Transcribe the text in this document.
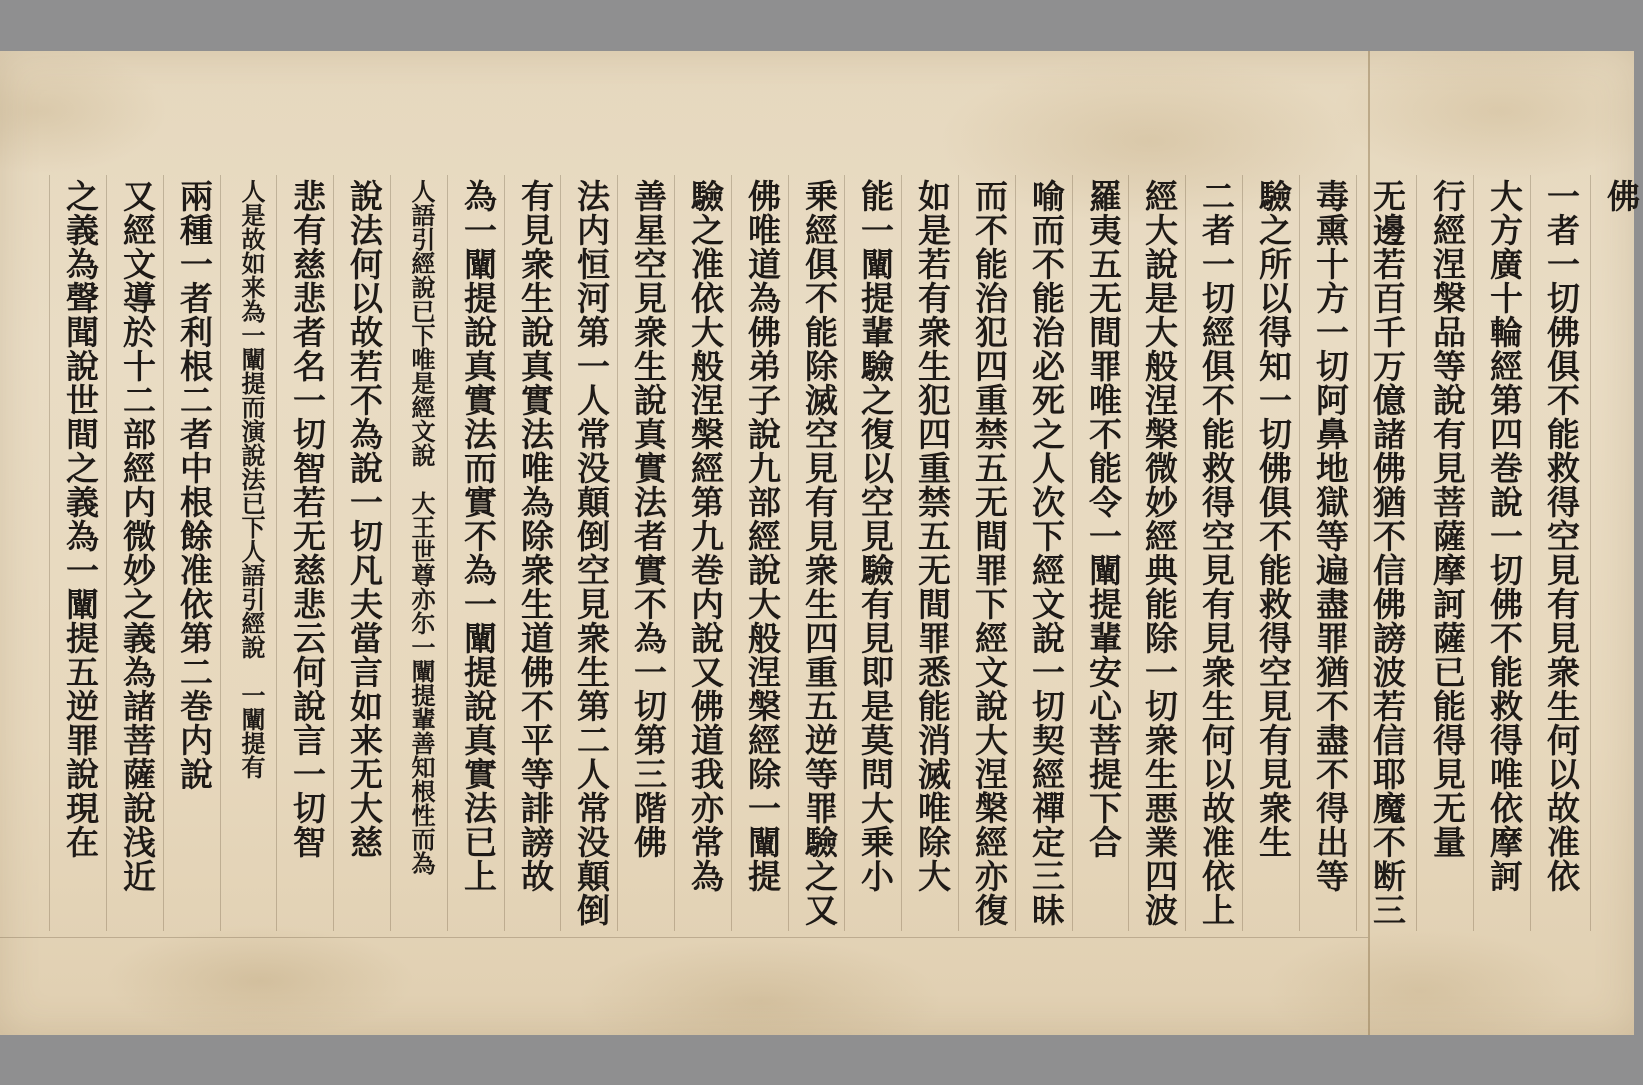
一者一切佛俱不能救得空見有見衆生何以故准依
大方廣十輪經第四巻說一切佛不能救得唯依摩訶
行經涅槃品等說有見菩薩摩訶薩已能得見无量
无邊若百千万億諸佛猶不信佛謗波若信耶魔不断三
毒熏十方一切阿鼻地獄等遍盡罪猶不盡不得出等
驗之所以得知一切佛俱不能救得空見有見衆生
二者一切經俱不能救得空見有見衆生何以故准依上
經大說是大般涅槃微妙經典能除一切衆生悪業四波
羅夷五无間罪唯不能令一闡提輩安心菩提下合
喻而不能治必死之人次下經文說一切契經禪定三昧
而不能治犯四重禁五无間罪下經文說大涅槃經亦復
如是若有衆生犯四重禁五无間罪悉能消滅唯除大
能一闡提輩驗之復以空見驗有見即是莫問大乗小
乗經俱不能除滅空見有見衆生四重五逆等罪驗之又
佛唯道為佛弟子說九部經說大般涅槃經除一闡提
驗之准依大般涅槃經第九巻内說又佛道我亦常為
善星空見衆生說真實法者實不為一切第三階佛
法内恒河第一人常没顛倒空見衆生第二人常没顛倒
有見衆生說真實法唯為除衆生道佛不平等誹謗故
為一闡提說真實法而實不為一闡提說真實法已上
人語引經說已下唯是經文說　大王世尊亦尓一闡提輩善知根性而為
說法何以故若不為說一切凡夫當言如来无大慈
悲有慈悲者名一切智若无慈悲云何說言一切智
人是故如来為一闡提而演說法已下人語引經說　一闡提有
兩種一者利根二者中根餘准依第二巻内說
又經文導於十二部經内微妙之義為諸菩薩說浅近
之義為聲聞說世間之義為一闡提五逆罪說現在	佛
